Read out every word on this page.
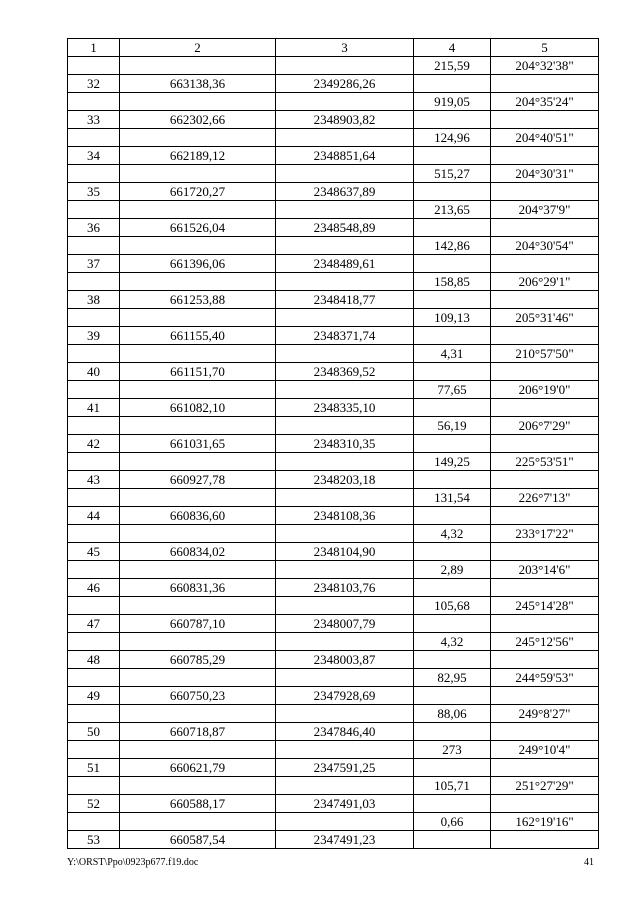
1	2	3	4	5
			215,59	204°32'38"
32	663138,36	2349286,26		
			919,05	204°35'24"
33	662302,66	2348903,82		
			124,96	204°40'51"
34	662189,12	2348851,64		
			515,27	204°30'31"
35	661720,27	2348637,89		
			213,65	204°37'9"
36	661526,04	2348548,89		
			142,86	204°30'54"
37	661396,06	2348489,61		
			158,85	206°29'1"
38	661253,88	2348418,77		
			109,13	205°31'46"
39	661155,40	2348371,74		
			4,31	210°57'50"
40	661151,70	2348369,52		
			77,65	206°19'0"
41	661082,10	2348335,10		
			56,19	206°7'29"
42	661031,65	2348310,35		
			149,25	225°53'51"
43	660927,78	2348203,18		
			131,54	226°7'13"
44	660836,60	2348108,36		
			4,32	233°17'22"
45	660834,02	2348104,90		
			2,89	203°14'6"
46	660831,36	2348103,76		
			105,68	245°14'28"
47	660787,10	2348007,79		
			4,32	245°12'56"
48	660785,29	2348003,87		
			82,95	244°59'53"
49	660750,23	2347928,69		
			88,06	249°8'27"
50	660718,87	2347846,40		
			273	249°10'4"
51	660621,79	2347591,25		
			105,71	251°27'29"
52	660588,17	2347491,03		
			0,66	162°19'16"
53	660587,54	2347491,23		
Y:\ORST\Ppo\0923p677.f19.doc	41
